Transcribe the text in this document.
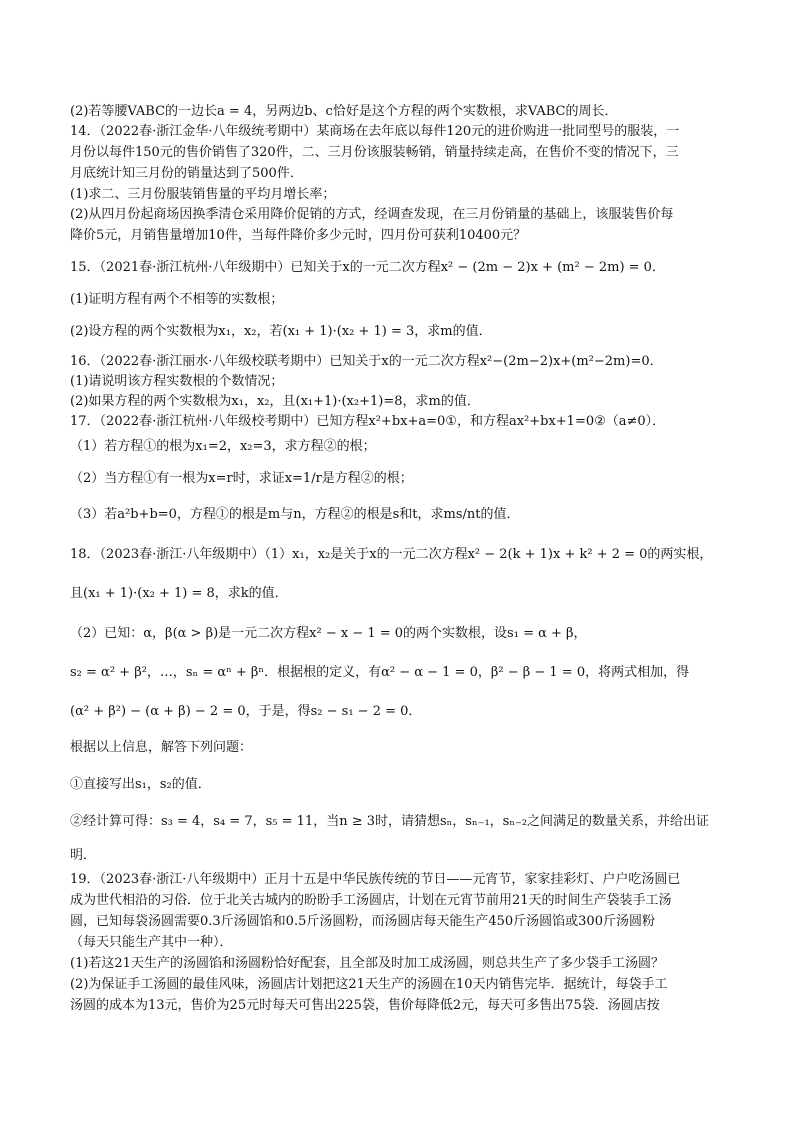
(2)若等腰VABC的一边长a = 4，另两边b、c恰好是这个方程的两个实数根，求VABC的周长．
14．（2022春·浙江金华·八年级统考期中）某商场在去年底以每件120元的进价购进一批同型号的服装，一
月份以每件150元的售价销售了320件，二、三月份该服装畅销，销量持续走高，在售价不变的情况下，三
月底统计知三月份的销量达到了500件．
(1)求二、三月份服装销售量的平均月增长率；
(2)从四月份起商场因换季清仓采用降价促销的方式，经调查发现，在三月份销量的基础上，该服装售价每
降价5元，月销售量增加10件，当每件降价多少元时，四月份可获利10400元？
15．（2021春·浙江杭州·八年级期中）已知关于x的一元二次方程x² − (2m − 2)x + (m² − 2m) = 0．
(1)证明方程有两个不相等的实数根；
(2)设方程的两个实数根为x₁，x₂，若(x₁ + 1)·(x₂ + 1) = 3，求m的值．
16．（2022春·浙江丽水·八年级校联考期中）已知关于x的一元二次方程x²−(2m−2)x+(m²−2m)=0．
(1)请说明该方程实数根的个数情况；
(2)如果方程的两个实数根为x₁，x₂，且(x₁+1)·(x₂+1)=8，求m的值．
17．（2022春·浙江杭州·八年级校考期中）已知方程x²+bx+a=0①，和方程ax²+bx+1=0②（a≠0）．
（1）若方程①的根为x₁=2，x₂=3，求方程②的根；
（2）当方程①有一根为x=r时，求证x=1/r是方程②的根；
（3）若a²b+b=0，方程①的根是m与n，方程②的根是s和t，求ms/nt的值．
18．（2023春·浙江·八年级期中）（1）x₁，x₂是关于x的一元二次方程x² − 2(k + 1)x + k² + 2 = 0的两实根，
且(x₁ + 1)·(x₂ + 1) = 8，求k的值．
（2）已知：α，β(α > β)是一元二次方程x² − x − 1 = 0的两个实数根，设s₁ = α + β，
s₂ = α² + β²，…，sₙ = αⁿ + βⁿ．根据根的定义，有α² − α − 1 = 0，β² − β − 1 = 0，将两式相加，得
(α² + β²) − (α + β) − 2 = 0，于是，得s₂ − s₁ − 2 = 0．
根据以上信息，解答下列问题：
①直接写出s₁，s₂的值．
②经计算可得：s₃ = 4，s₄ = 7，s₅ = 11，当n ≥ 3时，请猜想sₙ，sₙ₋₁，sₙ₋₂之间满足的数量关系，并给出证
明．
19．（2023春·浙江·八年级期中）正月十五是中华民族传统的节日——元宵节，家家挂彩灯、户户吃汤圆已
成为世代相沿的习俗．位于北关古城内的盼盼手工汤圆店，计划在元宵节前用21天的时间生产袋装手工汤
圆，已知每袋汤圆需要0.3斤汤圆馅和0.5斤汤圆粉，而汤圆店每天能生产450斤汤圆馅或300斤汤圆粉
（每天只能生产其中一种）．
(1)若这21天生产的汤圆馅和汤圆粉恰好配套，且全部及时加工成汤圆，则总共生产了多少袋手工汤圆？
(2)为保证手工汤圆的最佳风味，汤圆店计划把这21天生产的汤圆在10天内销售完毕．据统计，每袋手工
汤圆的成本为13元，售价为25元时每天可售出225袋，售价每降低2元，每天可多售出75袋．汤圆店按
